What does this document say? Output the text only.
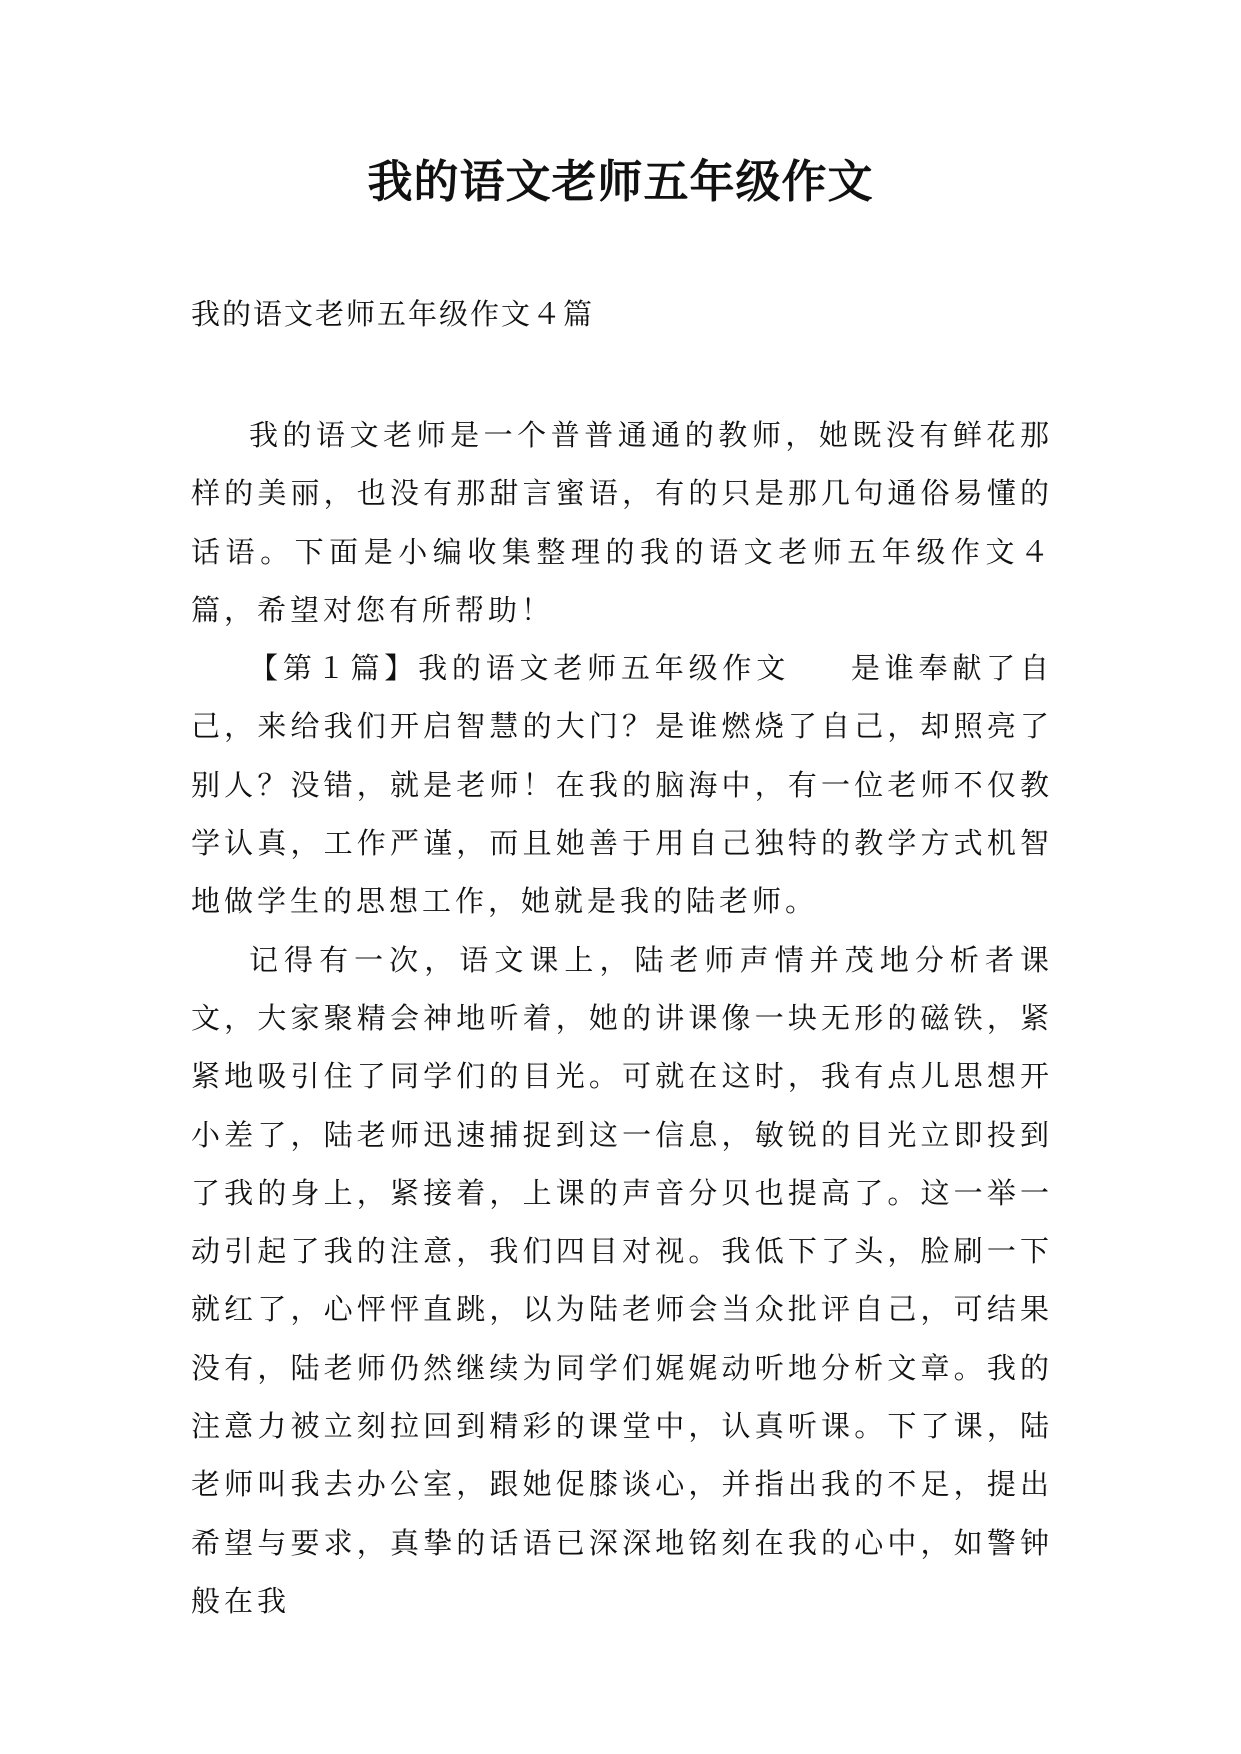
我的语文老师五年级作文

我的语文老师五年级作文４篇

我的语文老师是一个普普通通的教师，她既没有鲜花那样的美丽，也没有那甜言蜜语，有的只是那几句通俗易懂的话语。下面是小编收集整理的我的语文老师五年级作文４篇，希望对您有所帮助！

【第１篇】我的语文老师五年级作文 是谁奉献了自己，来给我们开启智慧的大门？是谁燃烧了自己，却照亮了别人？没错，就是老师！在我的脑海中，有一位老师不仅教学认真，工作严谨，而且她善于用自己独特的教学方式机智地做学生的思想工作，她就是我的陆老师。

记得有一次，语文课上，陆老师声情并茂地分析者课文，大家聚精会神地听着，她的讲课像一块无形的磁铁，紧紧地吸引住了同学们的目光。可就在这时，我有点儿思想开小差了，陆老师迅速捕捉到这一信息，敏锐的目光立即投到了我的身上，紧接着，上课的声音分贝也提高了。这一举一动引起了我的注意，我们四目对视。我低下了头，脸刷一下就红了，心怦怦直跳，以为陆老师会当众批评自己，可结果没有，陆老师仍然继续为同学们娓娓动听地分析文章。我的注意力被立刻拉回到精彩的课堂中，认真听课。下了课，陆老师叫我去办公室，跟她促膝谈心，并指出我的不足，提出希望与要求，真挚的话语已深深地铭刻在我的心中，如警钟般在我
